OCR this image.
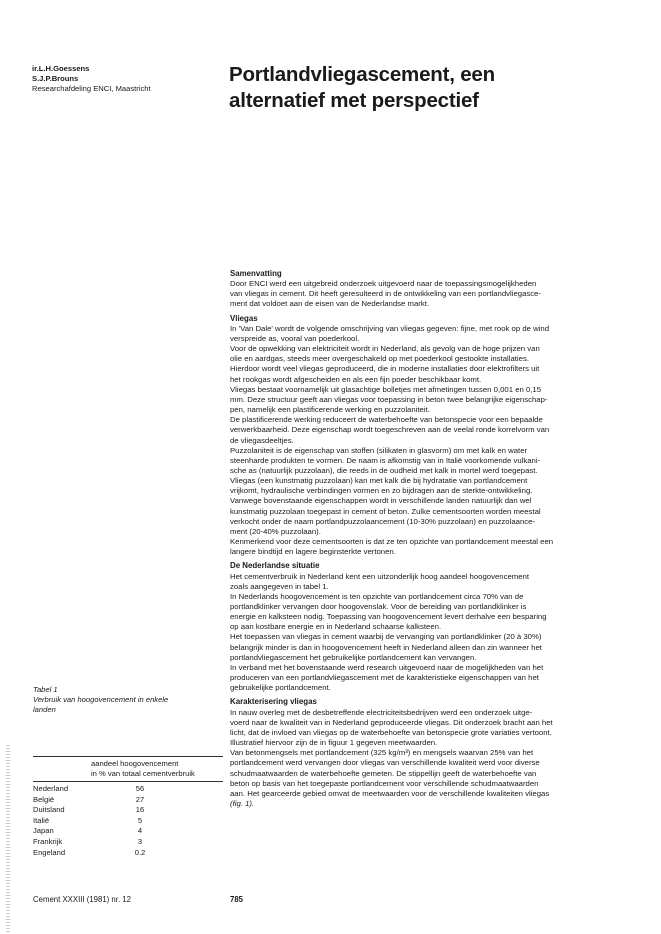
ir.L.H.Goessens
S.J.P.Brouns
Researchafdeling ENCI, Maastricht
Portlandvliegascement, een
alternatief met perspectief
Samenvatting

Door ENCI werd een uitgebreid onderzoek uitgevoerd naar de toepassingsmogelijkheden

van vliegas in cement. Dit heeft geresulteerd in de ontwikkeling van een portlandvliegasce-

ment dat voldoet aan de eisen van de Nederlandse markt.

Vliegas

In 'Van Dale' wordt de volgende omschrijving van vliegas gegeven: fijne, met rook op de wind

verspreide as, vooral van poederkool.

Voor de opwekking van elektriciteit wordt in Nederland, als gevolg van de hoge prijzen van

olie en aardgas, steeds meer overgeschakeld op met poederkool gestookte installaties.

Hierdoor wordt veel vliegas geproduceerd, die in moderne installaties door elektrofilters uit

het rookgas wordt afgescheiden en als een fijn poeder beschikbaar komt.

Vliegas bestaat voornamelijk uit glasachtige bolletjes met afmetingen tussen 0,001 en 0,15

mm. Deze structuur geeft aan vliegas voor toepassing in beton twee belangrijke eigenschap-

pen, namelijk een plastificerende werking en puzzolaniteit.

De plastificerende werking reduceert de waterbehoefte van betonspecie voor een bepaalde

verwerkbaarheid. Deze eigenschap wordt toegeschreven aan de veelal ronde korrelvorm van

de vliegasdeeltjes.

Puzzolaniteit is de eigenschap van stoffen (silikaten in glasvorm) om met kalk en water

steenharde produkten te vormen. De naam is afkomstig van in Italië voorkomende vulkani-

sche as (natuurlijk puzzolaan), die reeds in de oudheid met kalk in mortel werd toegepast.

Vliegas (een kunstmatig puzzolaan) kan met kalk die bij hydratatie van portlandcement

vrijkomt, hydraulische verbindingen vormen en zo bijdragen aan de sterkte-ontwikkeling.

Vanwege bovenstaande eigenschappen wordt in verschillende landen natuurlijk dan wel

kunstmatig puzzolaan toegepast in cement of beton. Zulke cementsoorten worden meestal

verkocht onder de naam portlandpuzzolaancement (10-30% puzzolaan) en puzzolaance-

ment (20-40% puzzolaan).

Kenmerkend voor deze cementsoorten is dat ze ten opzichte van portlandcement meestal een

langere bindtijd en lagere beginsterkte vertonen.

De Nederlandse situatie

Het cementverbruik in Nederland kent een uitzonderlijk hoog aandeel hoogovencement

zoals aangegeven in tabel 1.

In Nederlands hoogovencement is ten opzichte van portlandcement circa 70% van de

portlandklinker vervangen door hoogovenslak. Voor de bereiding van portlandklinker is

energie en kalksteen nodig. Toepassing van hoogovencement levert derhalve een besparing

op aan kostbare energie en in Nederland schaarse kalksteen.

Het toepassen van vliegas in cement waarbij de vervanging van portlandklinker (20 à 30%)

belangrijk minder is dan in hoogovencement heeft in Nederland alleen dan zin wanneer het

portlandvliegascement het gebruikelijke portlandcement kan vervangen.

In verband met het bovenstaande werd research uitgevoerd naar de mogelijkheden van het

produceren van een portlandvliegascement met de karakteristieke eigenschappen van het

gebruikelijke portlandcement.

Karakterisering vliegas

In nauw overleg met de desbetreffende electriciteitsbedrijven werd een onderzoek uitge-

voerd naar de kwaliteit van in Nederland geproduceerde vliegas. Dit onderzoek bracht aan het

licht, dat de invloed van vliegas op de waterbehoefte van betonspecie grote variaties vertoont.

Illustratief hiervoor zijn de in figuur 1 gegeven meetwaarden.

Van betonmengsels met portlandcement (325 kg/m³) en mengsels waarvan 25% van het

portlandcement werd vervangen door vliegas van verschillende kwaliteit werd voor diverse

schudmaatwaarden de waterbehoefte gemeten. De stippellijn geeft de waterbehoefte van

beton op basis van het toegepaste portlandcement voor verschillende schudmaatwaarden

aan. Het gearceerde gebied omvat de meetwaarden voor de verschillende kwaliteiten vliegas

(fig. 1).

Tabel 1
Verbruik van hoogovencement in enkele
landen
aandeel hoogovencement
in % van totaal cementverbruik
Nederland	56
België	27
Duitsland	16
Italië	5
Japan	4
Frankrijk	3
Engeland	0.2
Cement XXXIII (1981) nr. 12	785
